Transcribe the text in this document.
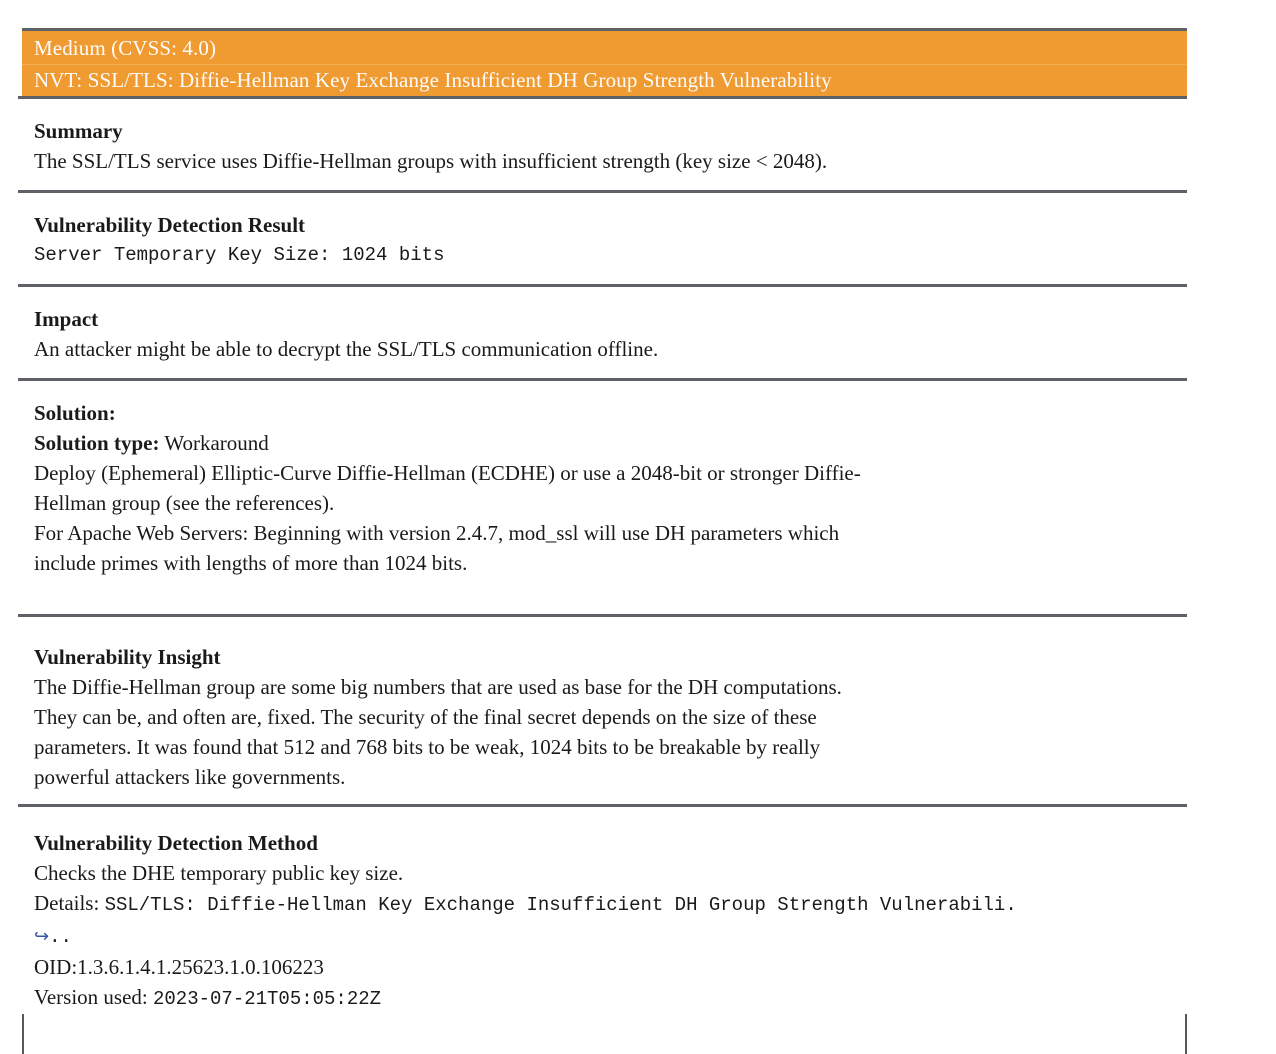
Medium (CVSS: 4.0)
NVT: SSL/TLS: Diffie-Hellman Key Exchange Insufficient DH Group Strength Vulnerability
Summary
The SSL/TLS service uses Diffie-Hellman groups with insufficient strength (key size < 2048).
Vulnerability Detection Result
Server Temporary Key Size: 1024 bits
Impact
An attacker might be able to decrypt the SSL/TLS communication offline.
Solution:
Solution type: Workaround
Deploy (Ephemeral) Elliptic-Curve Diffie-Hellman (ECDHE) or use a 2048-bit or stronger Diffie-
Hellman group (see the references).
For Apache Web Servers: Beginning with version 2.4.7, mod_ssl will use DH parameters which
include primes with lengths of more than 1024 bits.
Vulnerability Insight
The Diffie-Hellman group are some big numbers that are used as base for the DH computations.
They can be, and often are, fixed. The security of the final secret depends on the size of these
parameters. It was found that 512 and 768 bits to be weak, 1024 bits to be breakable by really
powerful attackers like governments.
Vulnerability Detection Method
Checks the DHE temporary public key size.
Details: SSL/TLS: Diffie-Hellman Key Exchange Insufficient DH Group Strength Vulnerabili.
↪..
OID:1.3.6.1.4.1.25623.1.0.106223
Version used: 2023-07-21T05:05:22Z
